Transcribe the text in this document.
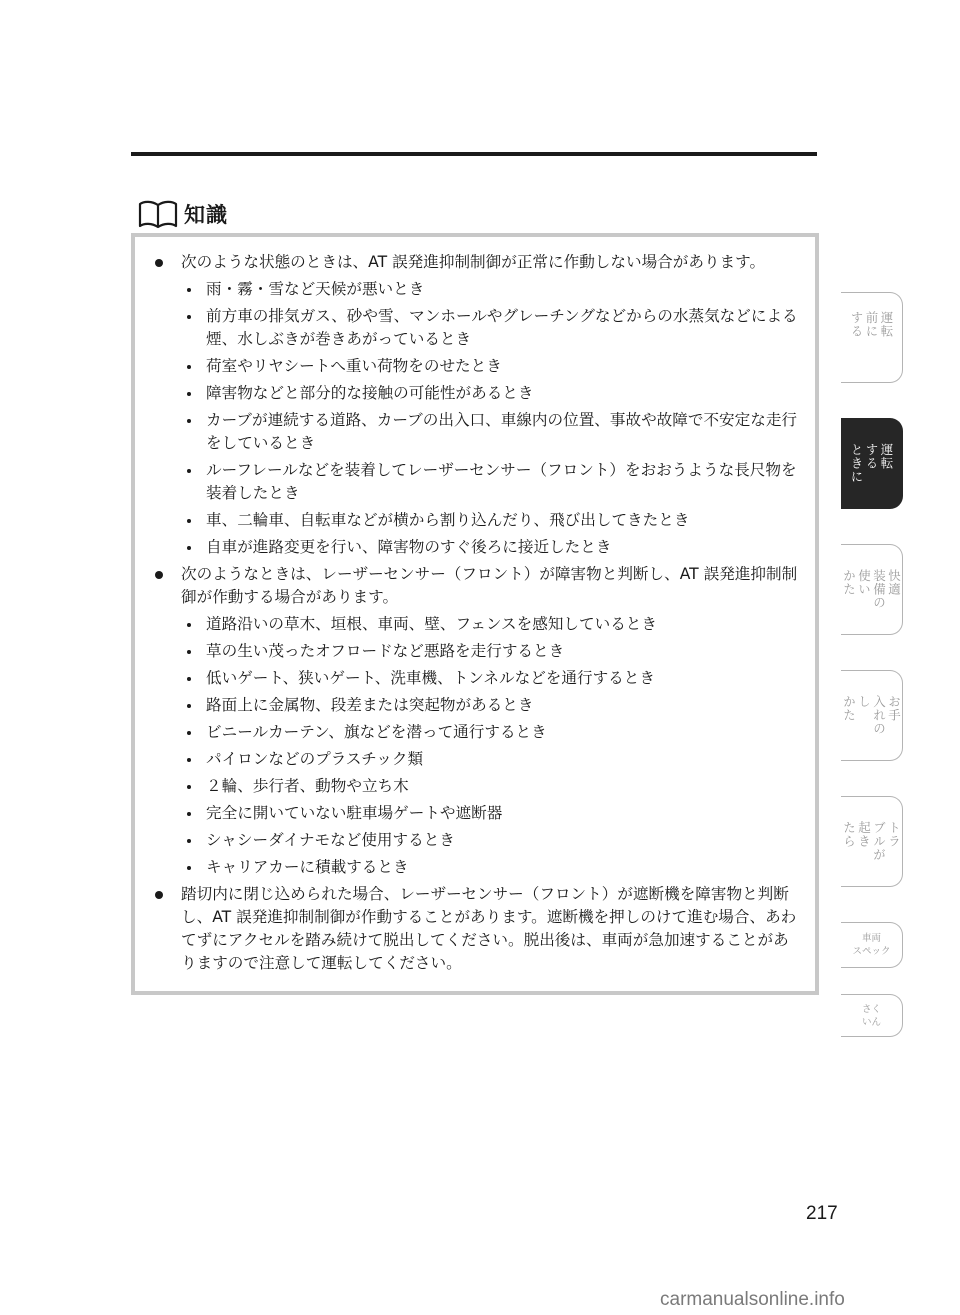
知識
次のような状態のときは、AT 誤発進抑制制御が正常に作動しない場合があります。
雨・霧・雪など天候が悪いとき
前方車の排気ガス、砂や雪、マンホールやグレーチングなどからの水蒸気などによる煙、水しぶきが巻きあがっているとき
荷室やリヤシートへ重い荷物をのせたとき
障害物などと部分的な接触の可能性があるとき
カーブが連続する道路、カーブの出入口、車線内の位置、事故や故障で不安定な走行をしているとき
ルーフレールなどを装着してレーザーセンサー（フロント）をおおうような長尺物を装着したとき
車、二輪車、自転車などが横から割り込んだり、飛び出してきたとき
自車が進路変更を行い、障害物のすぐ後ろに接近したとき
次のようなときは、レーザーセンサー（フロント）が障害物と判断し、AT 誤発進抑制制御が作動する場合があります。
道路沿いの草木、垣根、車両、壁、フェンスを感知しているとき
草の生い茂ったオフロードなど悪路を走行するとき
低いゲート、狭いゲート、洗車機、トンネルなどを通行するとき
路面上に金属物、段差または突起物があるとき
ビニールカーテン、旗などを潜って通行するとき
パイロンなどのプラスチック類
２輪、歩行者、動物や立ち木
完全に開いていない駐車場ゲートや遮断器
シャシーダイナモなど使用するとき
キャリアカーに積載するとき
踏切内に閉じ込められた場合、レーザーセンサー（フロント）が遮断機を障害物と判断し、AT 誤発進抑制制御が作動することがあります。遮断機を押しのけて進む場合、あわてずにアクセルを踏み続けて脱出してください。脱出後は、車両が急加速することがありますので注意して運転してください。
運転
前に　　
する
運転
する
ときに
快適
装備の
使い
かた
お手
入れの
し
かた
トラ
ブルが
起き
たら
車両
スペック
さく
いん
217
carmanualsonline.info
